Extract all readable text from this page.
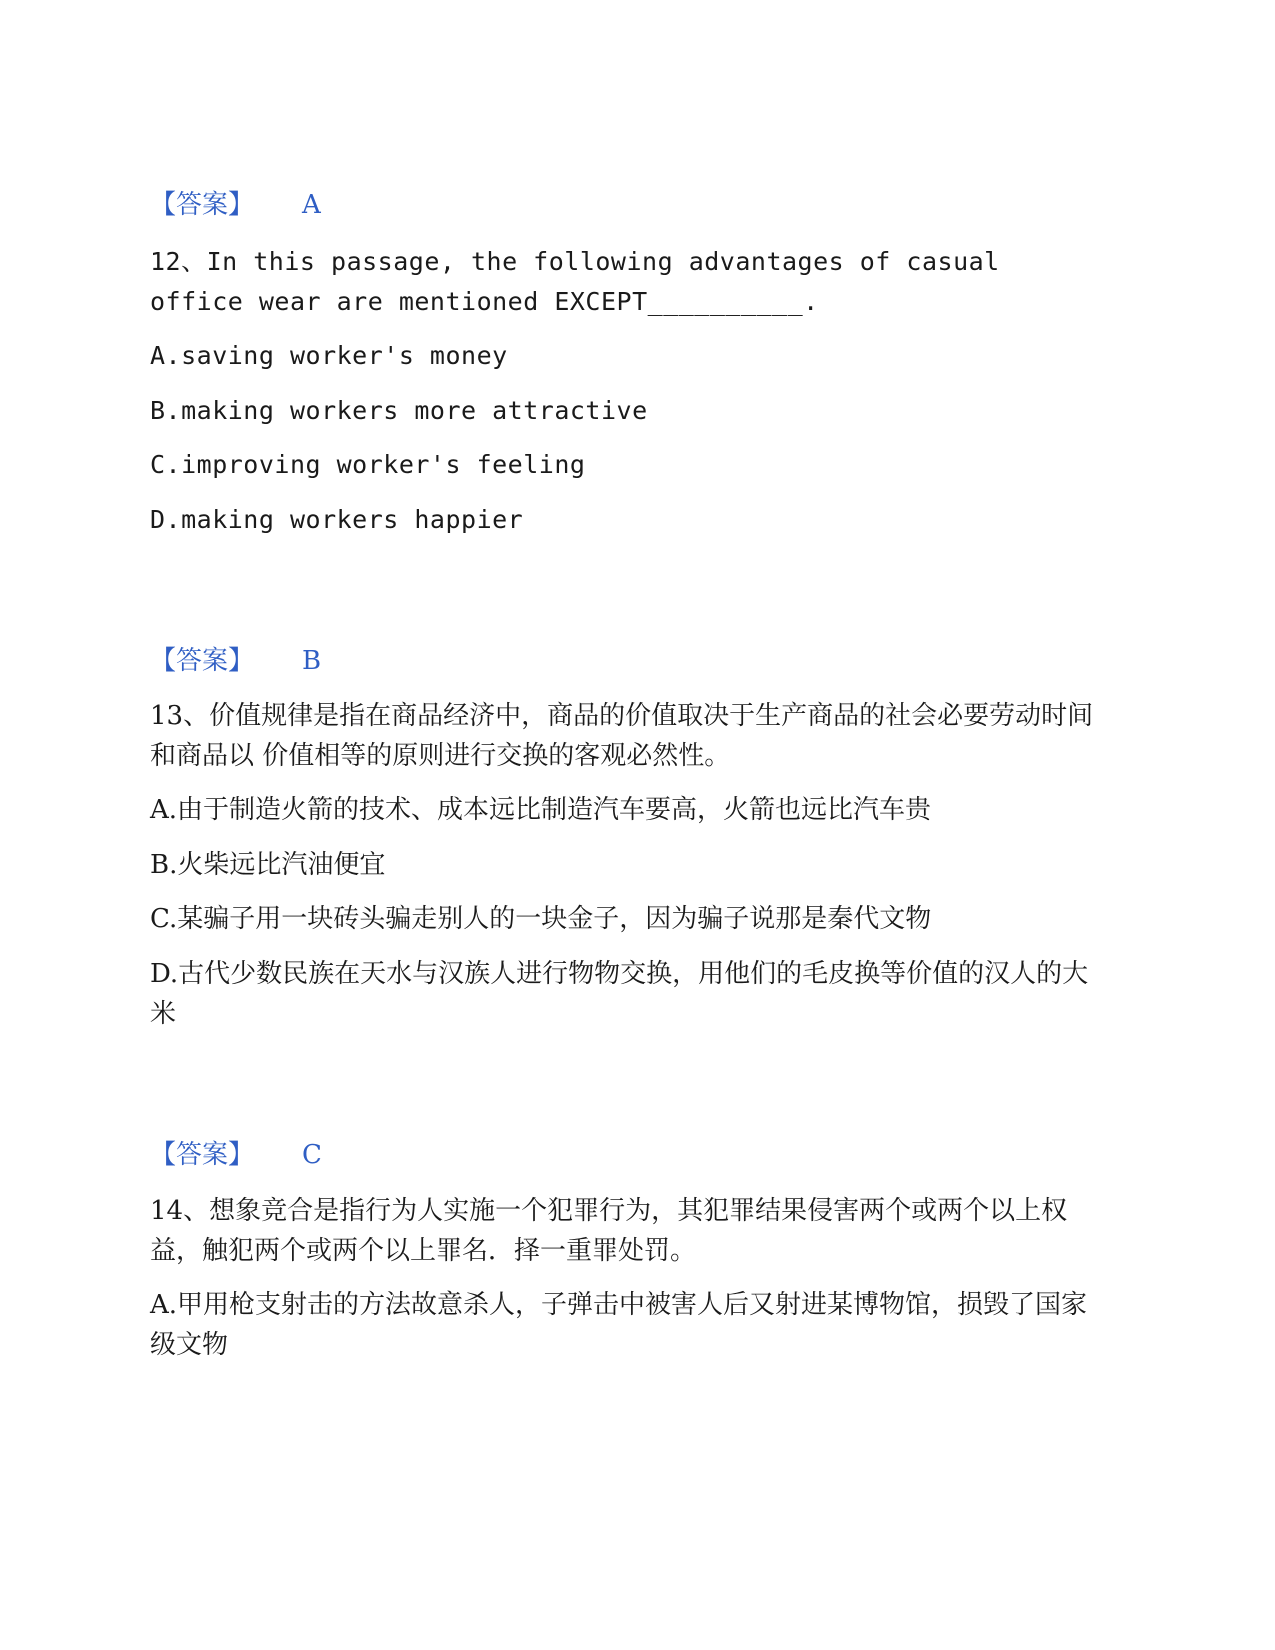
【答案】 A
12、In this passage, the following advantages of casual office wear are mentioned EXCEPT__________.
A.saving worker's money
B.making workers more attractive
C.improving worker's feeling
D.making workers happier
【答案】 B
13、价值规律是指在商品经济中，商品的价值取决于生产商品的社会必要劳动时间和商品以 价值相等的原则进行交换的客观必然性。
A.由于制造火箭的技术、成本远比制造汽车要高，火箭也远比汽车贵
B.火柴远比汽油便宜
C.某骗子用一块砖头骗走别人的一块金子，因为骗子说那是秦代文物
D.古代少数民族在天水与汉族人进行物物交换，用他们的毛皮换等价值的汉人的大米
【答案】 C
14、想象竞合是指行为人实施一个犯罪行为，其犯罪结果侵害两个或两个以上权益，触犯两个或两个以上罪名．择一重罪处罚。
A.甲用枪支射击的方法故意杀人，子弹击中被害人后又射进某博物馆，损毁了国家级文物
